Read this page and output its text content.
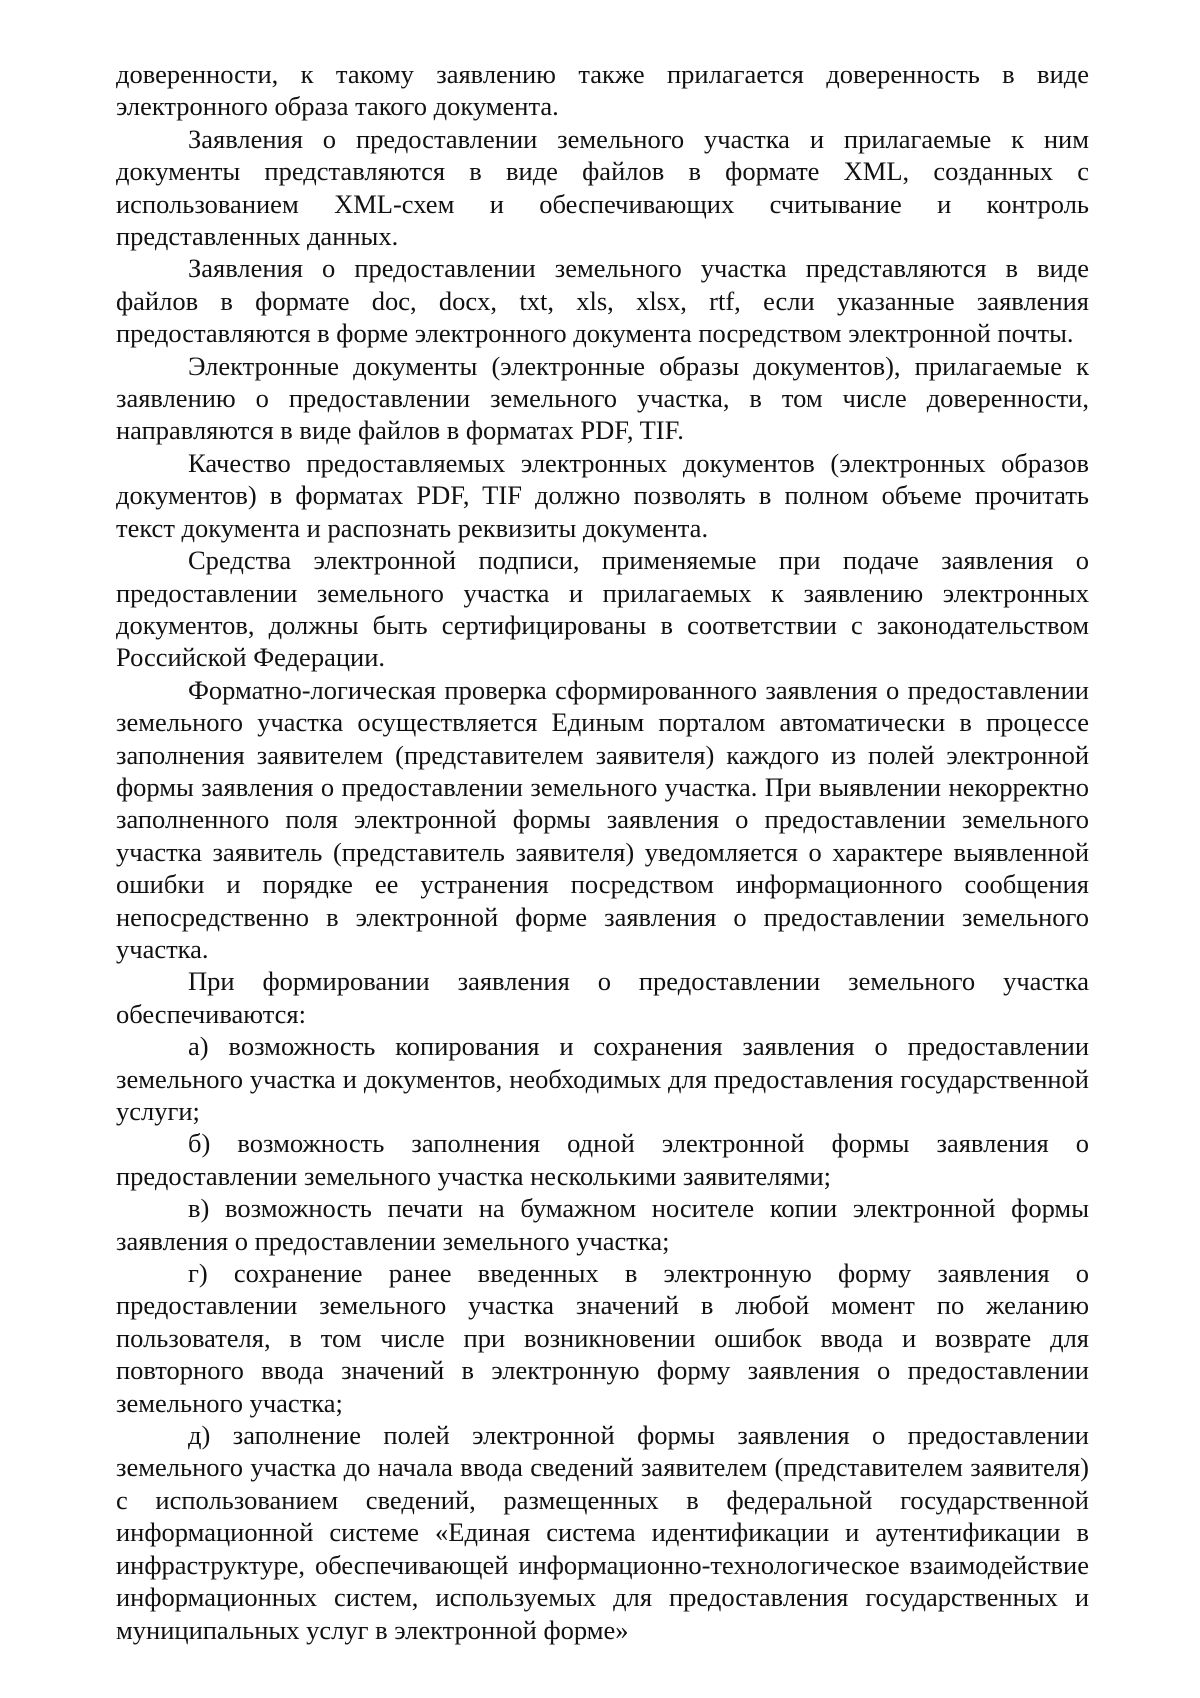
доверенности, к такому заявлению также прилагается доверенность в виде электронного образа такого документа.

Заявления о предоставлении земельного участка и прилагаемые к ним документы представляются в виде файлов в формате XML, созданных с использованием XML-схем и обеспечивающих считывание и контроль представленных данных.

Заявления о предоставлении земельного участка представляются в виде файлов в формате doc, docx, txt, xls, xlsx, rtf, если указанные заявления предоставляются в форме электронного документа посредством электронной почты.

Электронные документы (электронные образы документов), прилагаемые к заявлению о предоставлении земельного участка, в том числе доверенности, направляются в виде файлов в форматах PDF, TIF.

Качество предоставляемых электронных документов (электронных образов документов) в форматах PDF, TIF должно позволять в полном объеме прочитать текст документа и распознать реквизиты документа.

Средства электронной подписи, применяемые при подаче заявления о предоставлении земельного участка и прилагаемых к заявлению электронных документов, должны быть сертифицированы в соответствии с законодательством Российской Федерации.

Форматно-логическая проверка сформированного заявления о предоставлении земельного участка осуществляется Единым порталом автоматически в процессе заполнения заявителем (представителем заявителя) каждого из полей электронной формы заявления о предоставлении земельного участка. При выявлении некорректно заполненного поля электронной формы заявления о предоставлении земельного участка заявитель (представитель заявителя) уведомляется о характере выявленной ошибки и порядке ее устранения посредством информационного сообщения непосредственно в электронной форме заявления о предоставлении земельного участка.

При формировании заявления о предоставлении земельного участка обеспечиваются:

а) возможность копирования и сохранения заявления о предоставлении земельного участка и документов, необходимых для предоставления государственной услуги;

б) возможность заполнения одной электронной формы заявления о предоставлении земельного участка несколькими заявителями;

в) возможность печати на бумажном носителе копии электронной формы заявления о предоставлении земельного участка;

г) сохранение ранее введенных в электронную форму заявления о предоставлении земельного участка значений в любой момент по желанию пользователя, в том числе при возникновении ошибок ввода и возврате для повторного ввода значений в электронную форму заявления о предоставлении земельного участка;

д) заполнение полей электронной формы заявления о предоставлении земельного участка до начала ввода сведений заявителем (представителем заявителя) с использованием сведений, размещенных в федеральной государственной информационной системе «Единая система идентификации и аутентификации в инфраструктуре, обеспечивающей информационно-технологическое взаимодействие информационных систем, используемых для предоставления государственных и муниципальных услуг в электронной форме»
